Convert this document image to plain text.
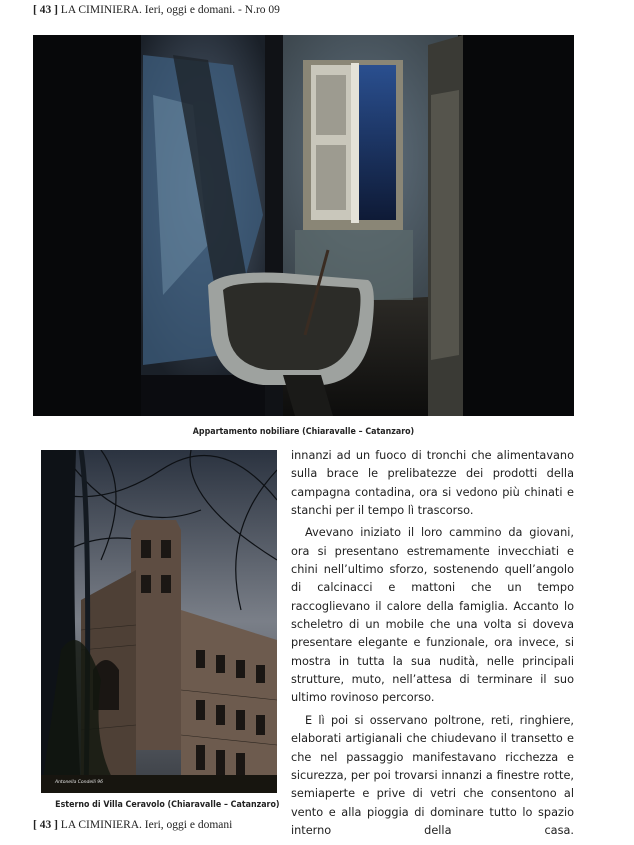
[ 43 ] LA CIMINIERA. Ieri, oggi e domani. - N.ro 09
Appartamento nobiliare (Chiaravalle – Catanzaro)
Antonella Condelli 96
Esterno di Villa Ceravolo (Chiaravalle – Catanzaro)

innanzi ad un fuoco di tronchi che alimentavano sulla brace le prelibatezze dei prodotti della campagna contadina, ora si vedono più chinati e stanchi per il tempo lì trascorso.

Avevano iniziato il loro cammino da giovani, ora si presentano estremamente invecchiati e chini nell’ultimo sforzo, sostenendo quell’angolo di calcinacci e mattoni che un tempo raccoglievano il calore della famiglia. Accanto lo scheletro di un mobile che una volta si doveva presentare elegante e funzionale, ora invece, si mostra in tutta la sua nudità, nelle principali strutture, muto, nell’attesa di terminare il suo ultimo rovinoso percorso.

E lì poi si osservano poltrone, reti, ringhiere, elaborati artigianali che chiudevano il transetto e che nel passaggio manifestavano ricchezza e sicurezza, per poi trovarsi innanzi a finestre rotte, semiaperte e prive di vetri che consentono al vento e alla pioggia di dominare tutto lo spazio interno della casa.

[ 43 ] LA CIMINIERA. Ieri, oggi e domani
